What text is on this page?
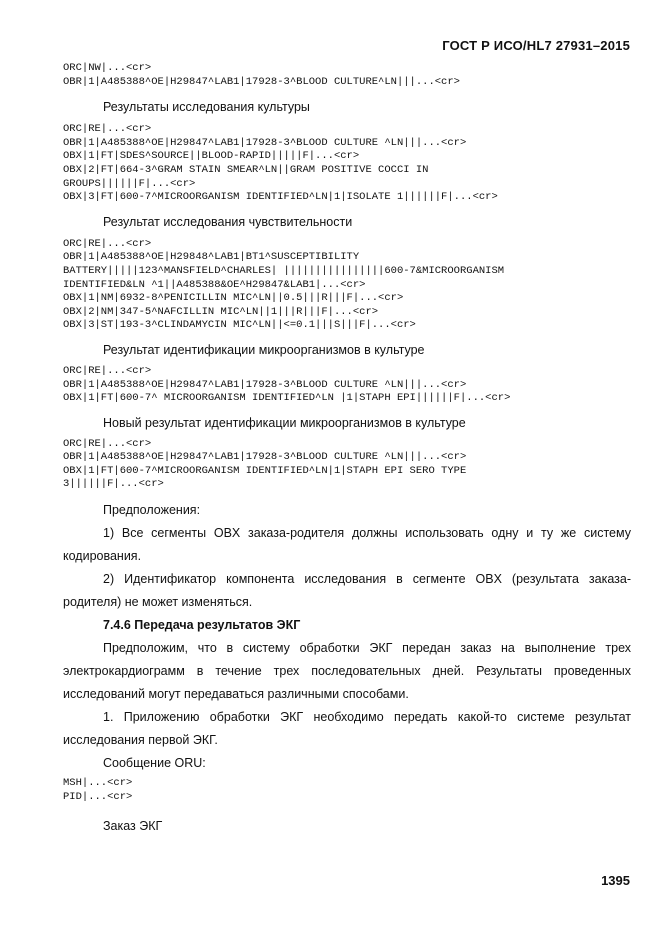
ГОСТ Р ИСО/HL7 27931–2015
ORC|NW|...<cr>
OBR|1|A485388^OE|H29847^LAB1|17928-3^BLOOD CULTURE^LN|||...<cr>
Результаты исследования культуры
ORC|RE|...<cr>
OBR|1|A485388^OE|H29847^LAB1|17928-3^BLOOD CULTURE ^LN|||...<cr>
OBX|1|FT|SDES^SOURCE||BLOOD-RAPID|||||F|...<cr>
OBX|2|FT|664-3^GRAM STAIN SMEAR^LN||GRAM POSITIVE COCCI IN
GROUPS||||||F|...<cr>
OBX|3|FT|600-7^MICROORGANISM IDENTIFIED^LN|1|ISOLATE 1||||||F|...<cr>
Результат исследования чувствительности
ORC|RE|...<cr>
OBR|1|A485388^OE|H29848^LAB1|BT1^SUSCEPTIBILITY
BATTERY|||||123^MANSFIELD^CHARLES| ||||||||||||||||600-7&MICROORGANISM
IDENTIFIED&LN ^1||A485388&OE^H29847&LAB1|...<cr>
OBX|1|NM|6932-8^PENICILLIN MIC^LN||0.5|||R|||F|...<cr>
OBX|2|NM|347-5^NAFCILLIN MIC^LN||1|||R|||F|...<cr>
OBX|3|ST|193-3^CLINDAMYCIN MIC^LN||<=0.1|||S|||F|...<cr>
Результат идентификации микроорганизмов в культуре
ORC|RE|...<cr>
OBR|1|A485388^OE|H29847^LAB1|17928-3^BLOOD CULTURE ^LN|||...<cr>
OBX|1|FT|600-7^ MICROORGANISM IDENTIFIED^LN |1|STAPH EPI||||||F|...<cr>
Новый результат идентификации микроорганизмов в культуре
ORC|RE|...<cr>
OBR|1|A485388^OE|H29847^LAB1|17928-3^BLOOD CULTURE ^LN|||...<cr>
OBX|1|FT|600-7^MICROORGANISM IDENTIFIED^LN|1|STAPH EPI SERO TYPE
3||||||F|...<cr>

Предположения:

1) Все сегменты OBX заказа-родителя должны использовать одну и ту же систему кодирования.

2) Идентификатор компонента исследования в сегменте OBX (результата заказа-родителя) не может изменяться.

7.4.6 Передача результатов ЭКГ

Предположим, что в систему обработки ЭКГ передан заказ на выполнение трех электрокардиограмм в течение трех последовательных дней. Результаты проведенных исследований могут передаваться различными способами.

1. Приложению обработки ЭКГ необходимо передать какой-то системе результат исследования первой ЭКГ.

Сообщение ORU:

MSH|...<cr>
PID|...<cr>
Заказ ЭКГ
1395
